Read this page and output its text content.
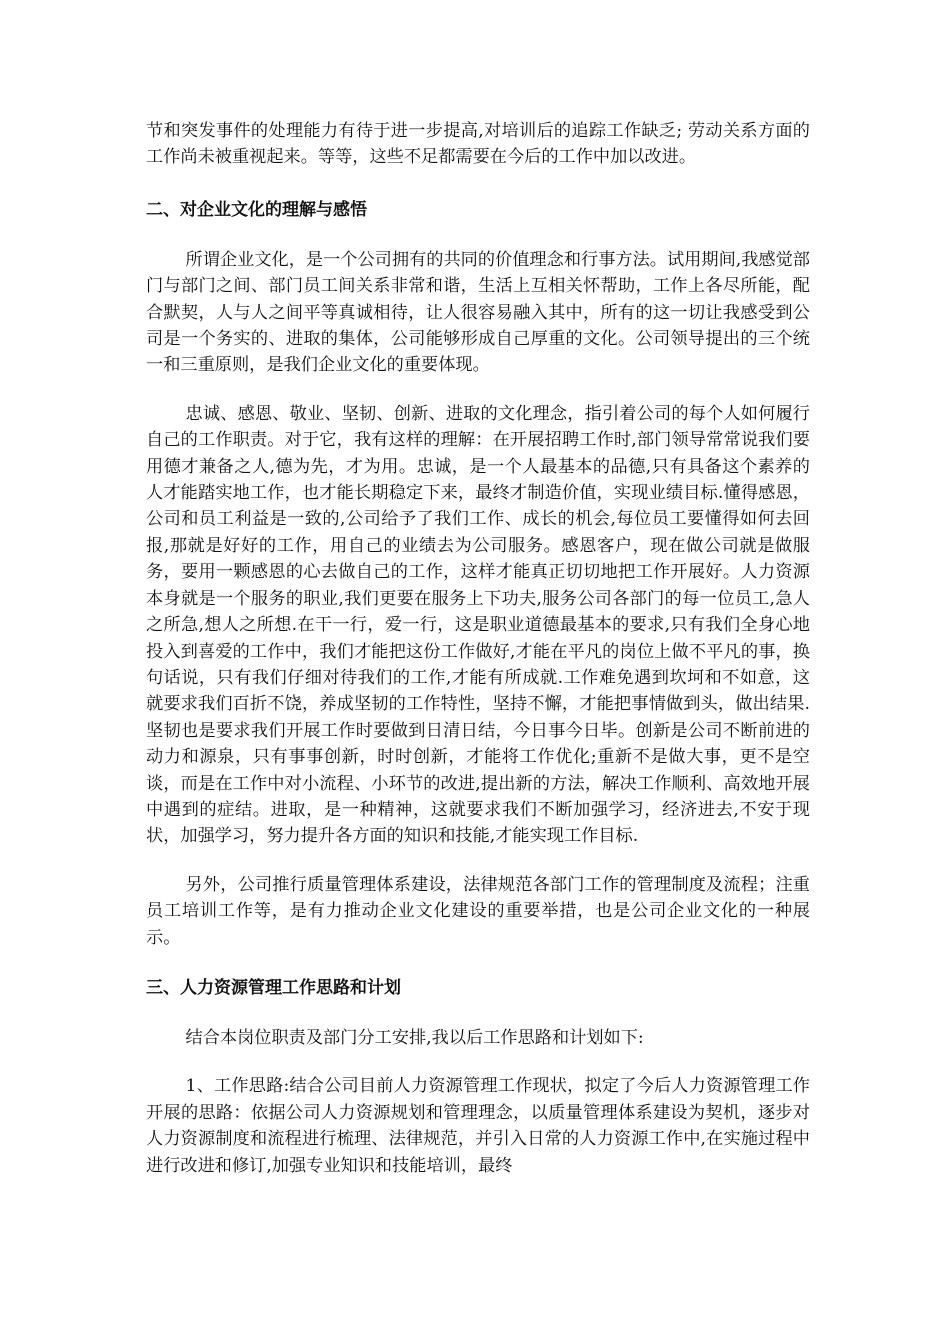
节和突发事件的处理能力有待于进一步提高,对培训后的追踪工作缺乏; 劳动关系方面的工作尚未被重视起来。等等，这些不足都需要在今后的工作中加以改进。

二、对企业文化的理解与感悟

所谓企业文化，是一个公司拥有的共同的价值理念和行事方法。试用期间,我感觉部门与部门之间、部门员工间关系非常和谐，生活上互相关怀帮助，工作上各尽所能，配合默契，人与人之间平等真诚相待，让人很容易融入其中，所有的这一切让我感受到公司是一个务实的、进取的集体，公司能够形成自己厚重的文化。公司领导提出的三个统一和三重原则，是我们企业文化的重要体现。

忠诚、感恩、敬业、坚韧、创新、进取的文化理念，指引着公司的每个人如何履行自己的工作职责。对于它，我有这样的理解：在开展招聘工作时,部门领导常常说我们要用德才兼备之人,德为先，才为用。忠诚，是一个人最基本的品德,只有具备这个素养的人才能踏实地工作，也才能长期稳定下来，最终才制造价值，实现业绩目标.懂得感恩，公司和员工利益是一致的,公司给予了我们工作、成长的机会,每位员工要懂得如何去回报,那就是好好的工作，用自己的业绩去为公司服务。感恩客户，现在做公司就是做服务，要用一颗感恩的心去做自己的工作，这样才能真正切切地把工作开展好。人力资源本身就是一个服务的职业,我们更要在服务上下功夫,服务公司各部门的每一位员工,急人之所急,想人之所想.在干一行，爱一行，这是职业道德最基本的要求,只有我们全身心地投入到喜爱的工作中，我们才能把这份工作做好,才能在平凡的岗位上做不平凡的事，换句话说，只有我们仔细对待我们的工作,才能有所成就.工作难免遇到坎坷和不如意，这就要求我们百折不饶，养成坚韧的工作特性，坚持不懈，才能把事情做到头，做出结果.坚韧也是要求我们开展工作时要做到日清日结，今日事今日毕。创新是公司不断前进的动力和源泉，只有事事创新，时时创新，才能将工作优化;重新不是做大事，更不是空谈，而是在工作中对小流程、小环节的改进,提出新的方法，解决工作顺利、高效地开展中遇到的症结。进取，是一种精神，这就要求我们不断加强学习，经济进去,不安于现状，加强学习，努力提升各方面的知识和技能,才能实现工作目标.

另外，公司推行质量管理体系建设，法律规范各部门工作的管理制度及流程；注重员工培训工作等，是有力推动企业文化建设的重要举措，也是公司企业文化的一种展示。

三、人力资源管理工作思路和计划

结合本岗位职责及部门分工安排,我以后工作思路和计划如下:

1、工作思路:结合公司目前人力资源管理工作现状，拟定了今后人力资源管理工作开展的思路：依据公司人力资源规划和管理理念，以质量管理体系建设为契机，逐步对人力资源制度和流程进行梳理、法律规范，并引入日常的人力资源工作中,在实施过程中进行改进和修订,加强专业知识和技能培训，最终
